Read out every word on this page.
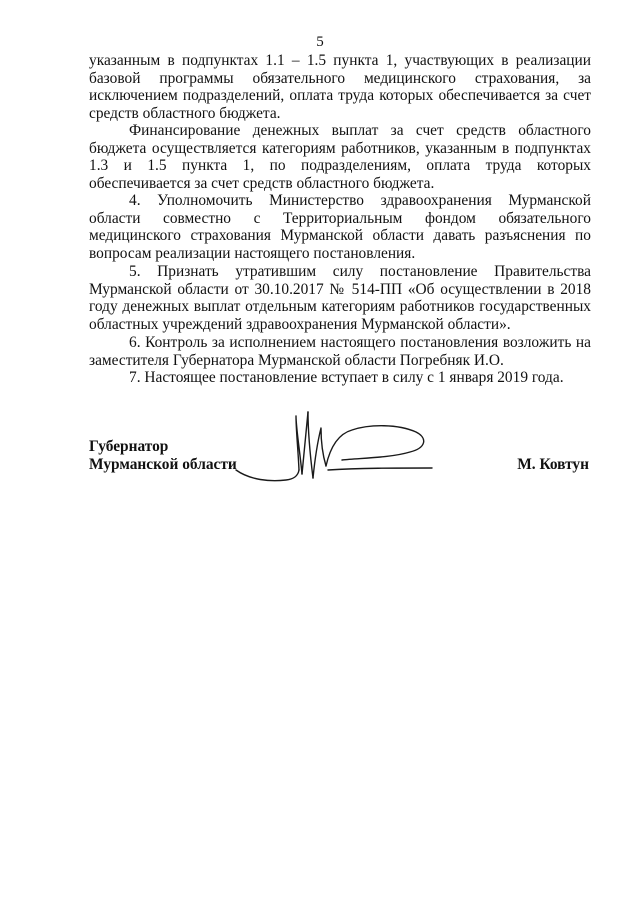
5

указанным в подпунктах 1.1 – 1.5 пункта 1, участвующих в реализации базовой программы обязательного медицинского страхования, за исключением подразделений, оплата труда которых обеспечивается за счет средств областного бюджета.

Финансирование денежных выплат за счет средств областного бюджета осуществляется категориям работников, указанным в подпунктах 1.3 и 1.5 пункта 1, по подразделениям, оплата труда которых обеспечивается за счет средств областного бюджета.

4. Уполномочить Министерство здравоохранения Мурманской области совместно с Территориальным фондом обязательного медицинского страхования Мурманской области давать разъяснения по вопросам реализации настоящего постановления.

5. Признать утратившим силу постановление Правительства Мурманской области от 30.10.2017 № 514-ПП «Об осуществлении в 2018 году денежных выплат отдельным категориям работников государственных областных учреждений здравоохранения Мурманской области».

6. Контроль за исполнением настоящего постановления возложить на заместителя Губернатора Мурманской области Погребняк И.О.

7. Настоящее постановление вступает в силу с 1 января 2019 года.

Губернатор
Мурманской области	М. Ковтун
